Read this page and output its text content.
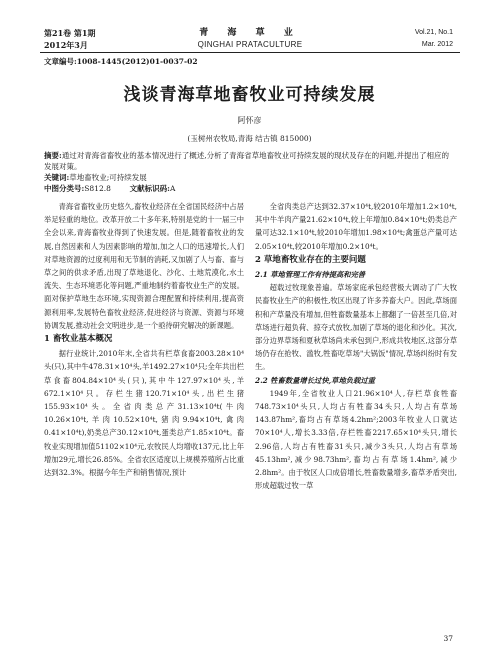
第21卷 第1期
2012年3月
青 海 草 业
QINGHAI PRATACULTURE
Vol.21, No.1
Mar. 2012
文章编号:1008-1445(2012)01-0037-02
浅谈青海草地畜牧业可持续发展
阿怀彦
(玉树州农牧局,青海 结古镇 815000)
摘要:通过对青海省畜牧业的基本情况进行了概述,分析了青海省草地畜牧业可持续发展的现状及存在的问题,并提出了相应的发展对策。
关键词:草地畜牧业;可持续发展
中图分类号:S812.8	文献标识码:A

青海省畜牧业历史悠久,畜牧业经济在全省国民经济中占居举足轻重的地位。改革开放二十多年来,特别是党的十一届三中全会以来,青海畜牧业得到了快速发展。但是,随着畜牧业的发展,自然因素和人为因素影响的增加,加之人口的迅速增长,人们对草地资源的过度利用和无节制的消耗,又加剧了人与畜、畜与草之间的供求矛盾,出现了草地退化、沙化、土地荒漠化,水土流失、生态环境恶化等问题,严重地制约着畜牧业生产的发展。面对保护草地生态环境,实现资源合理配置和持续利用,提高资源利用率,发展特色畜牧业经济,促进经济与资源、资源与环境协调发展,推动社会文明进步,是一个亟待研究解决的新课题。

1 畜牧业基本概况

据行业统计,2010年末,全省共有栏草食畜2003.28×10⁴头(只),其中牛478.31×10⁴头,羊1492.27×10⁴只;全年共出栏草食畜804.84×10⁴头(只),其中牛127.97×10⁴头,羊672.1×10⁴只。存栏生猪120.71×10⁴头,出栏生猪155.93×10⁴头。全省肉类总产31.13×10⁴t(牛肉10.26×10⁴t,羊肉10.52×10⁴t,猪肉9.94×10⁴t,禽肉0.41×10⁴t),奶类总产30.12×10⁴t,蛋类总产1.85×10⁴t。畜牧业实现增加值51102×10⁴元,农牧民人均增收137元,比上年增加29元,增长26.85%。全省农区适度以上规模养殖所占比重达到32.3%。根据今年生产和销售情况,预计

全省肉类总产达到32.37×10⁴t,较2010年增加1.2×10⁴t,其中牛羊肉产量21.62×10⁴t,较上年增加0.84×10⁴t;奶类总产量可达32.1×10⁴t,较2010年增加1.98×10⁴t;禽蛋总产量可达2.05×10⁴t,较2010年增加0.2×10⁴t。

2 草地畜牧业存在的主要问题

2.1 草地管理工作有待提高和完善

超载过牧现象普遍。草场家庭承包经营极大调动了广大牧民畜牧业生产的积极性,牧区出现了许多养畜大户。因此,草场面积和产草量没有增加,但牲畜数量基本上都翻了一倍甚至几倍,对草场进行超负荷、掠夺式放牧,加剧了草场的退化和沙化。其次,部分边界草场和夏秋草场尚未承包到户,形成共牧地区,这部分草场仍存在抢牧、滥牧,牲畜吃草场"大锅饭"情况,草场纠纷时有发生。

2.2 牲畜数量增长过快,草地负载过重

1949年,全省牧业人口21.96×10⁴人,存栏草食牲畜748.73×10⁴头只,人均占有牲畜34头只,人均占有草场143.87hm²,畜均占有草场4.2hm²;2003年牧业人口就达70×10⁴人,增长3.33倍,存栏牲畜2217.65×10⁴头只,增长2.96倍,人均占有牲畜31头只,减少3头只,人均占有草场45.13hm²,减少98.73hm²,畜均占有草场1.4hm²,减少2.8hm²。由于牧区人口成倍增长,牲畜数量增多,畜草矛盾突出,形成超载过牧一草

37
